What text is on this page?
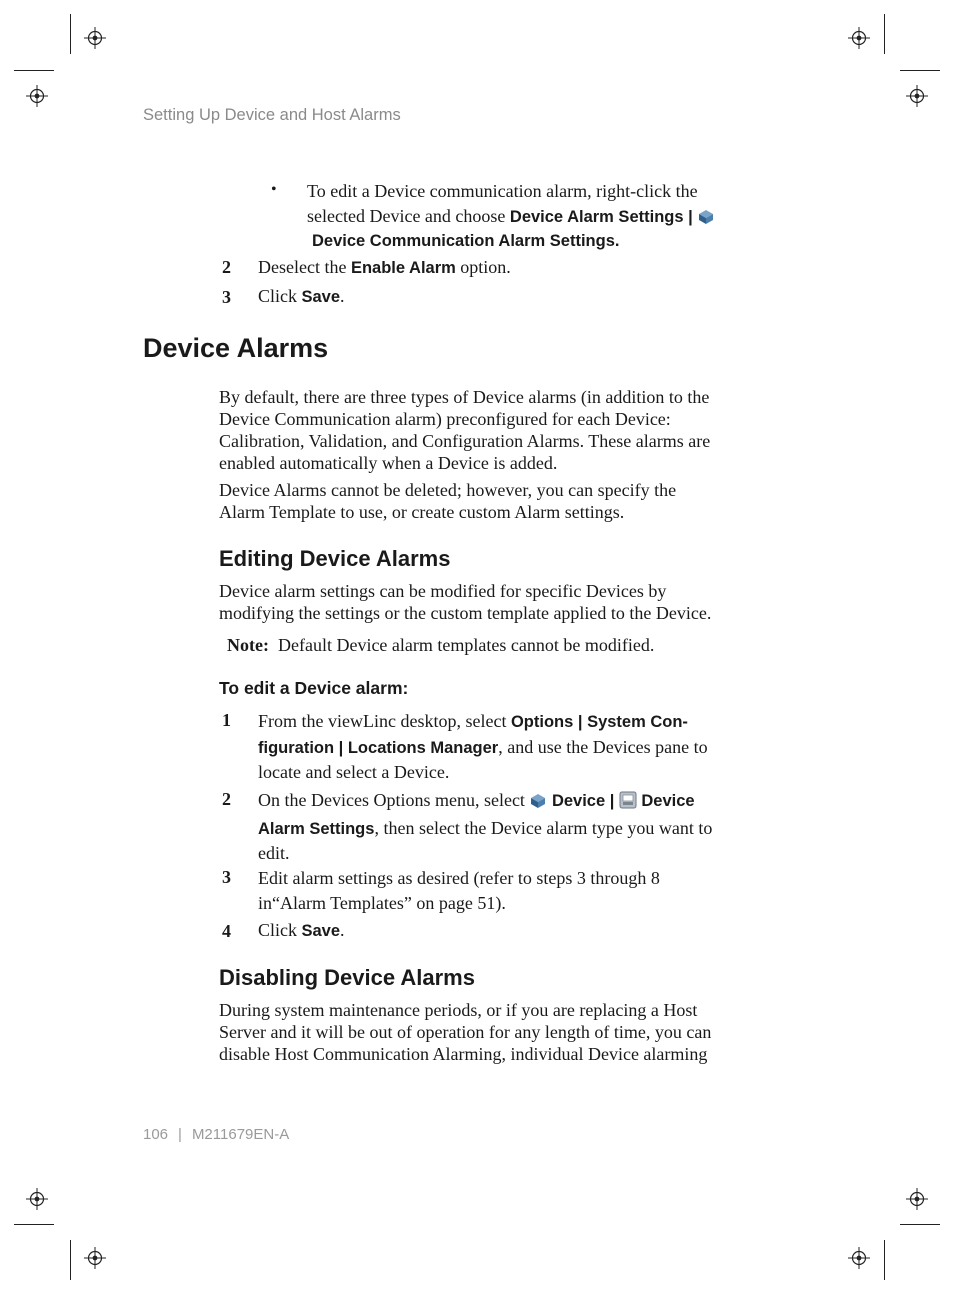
Setting Up Device and Host Alarms
• To edit a Device communication alarm, right-click the
selected Device and choose Device Alarm Settings |
Device Communication Alarm Settings.
2 Deselect the Enable Alarm option.
3 Click Save.
Device Alarms
By default, there are three types of Device alarms (in addition to the
Device Communication alarm) preconfigured for each Device:
Calibration, Validation, and Configuration Alarms. These alarms are
enabled automatically when a Device is added.
Device Alarms cannot be deleted; however, you can specify the
Alarm Template to use, or create custom Alarm settings.
Editing Device Alarms
Device alarm settings can be modified for specific Devices by
modifying the settings or the custom template applied to the Device.
Note: Default Device alarm templates cannot be modified.
To edit a Device alarm:
1 From the viewLinc desktop, select Options | System Con-
figuration | Locations Manager, and use the Devices pane to
locate and select a Device.
2 On the Devices Options menu, select  Device | Device
Alarm Settings, then select the Device alarm type you want to
edit.
3 Edit alarm settings as desired (refer to steps 3 through 8
in“Alarm Templates” on page 51).
4 Click Save.
Disabling Device Alarms
During system maintenance periods, or if you are replacing a Host
Server and it will be out of operation for any length of time, you can
disable Host Communication Alarming, individual Device alarming
106 | M211679EN-A
